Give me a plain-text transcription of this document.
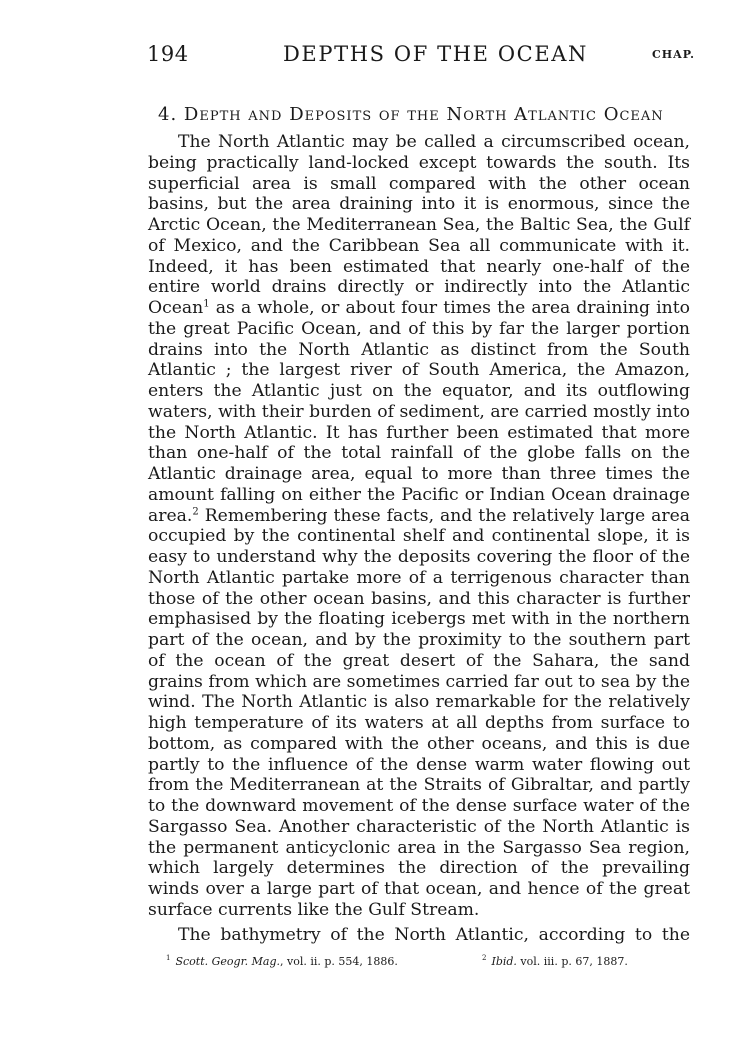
194	DEPTHS OF THE OCEAN	CHAP.
4. Depth and Deposits of the North Atlantic Ocean

The North Atlantic may be called a circumscribed ocean, being practically land-locked except towards the south. Its superficial area is small compared with the other ocean basins, but the area draining into it is enormous, since the Arctic Ocean, the Mediterranean Sea, the Baltic Sea, the Gulf of Mexico, and the Caribbean Sea all communicate with it. Indeed, it has been estimated that nearly one-half of the entire world drains directly or indirectly into the Atlantic Ocean$^1$ as a whole, or about four times the area draining into the great Pacific Ocean, and of this by far the larger portion drains into the North Atlantic as distinct from the South Atlantic ; the largest river of South America, the Amazon, enters the Atlantic just on the equator, and its outflowing waters, with their burden of sediment, are carried mostly into the North Atlantic. It has further been estimated that more than one-half of the total rainfall of the globe falls on the Atlantic drainage area, equal to more than three times the amount falling on either the Pacific or Indian Ocean drainage area.$^2$ Remembering these facts, and the relatively large area occupied by the continental shelf and continental slope, it is easy to understand why the deposits covering the floor of the North Atlantic partake more of a terrigenous character than those of the other ocean basins, and this character is further emphasised by the floating icebergs met with in the northern part of the ocean, and by the proximity to the southern part of the ocean of the great desert of the Sahara, the sand grains from which are sometimes carried far out to sea by the wind. The North Atlantic is also remarkable for the relatively high temperature of its waters at all depths from surface to bottom, as compared with the other oceans, and this is due partly to the influence of the dense warm water flowing out from the Mediterranean at the Straits of Gibraltar, and partly to the downward movement of the dense surface water of the Sargasso Sea. Another characteristic of the North Atlantic is the permanent anticyclonic area in the Sargasso Sea region, which largely determines the direction of the prevailing winds over a large part of that ocean, and hence of the great surface currents like the Gulf Stream.

The bathymetry of the North Atlantic, according to the
$^1$ Scott. Geogr. Mag., vol. ii. p. 554, 1886.	$^2$ Ibid. vol. iii. p. 67, 1887.
